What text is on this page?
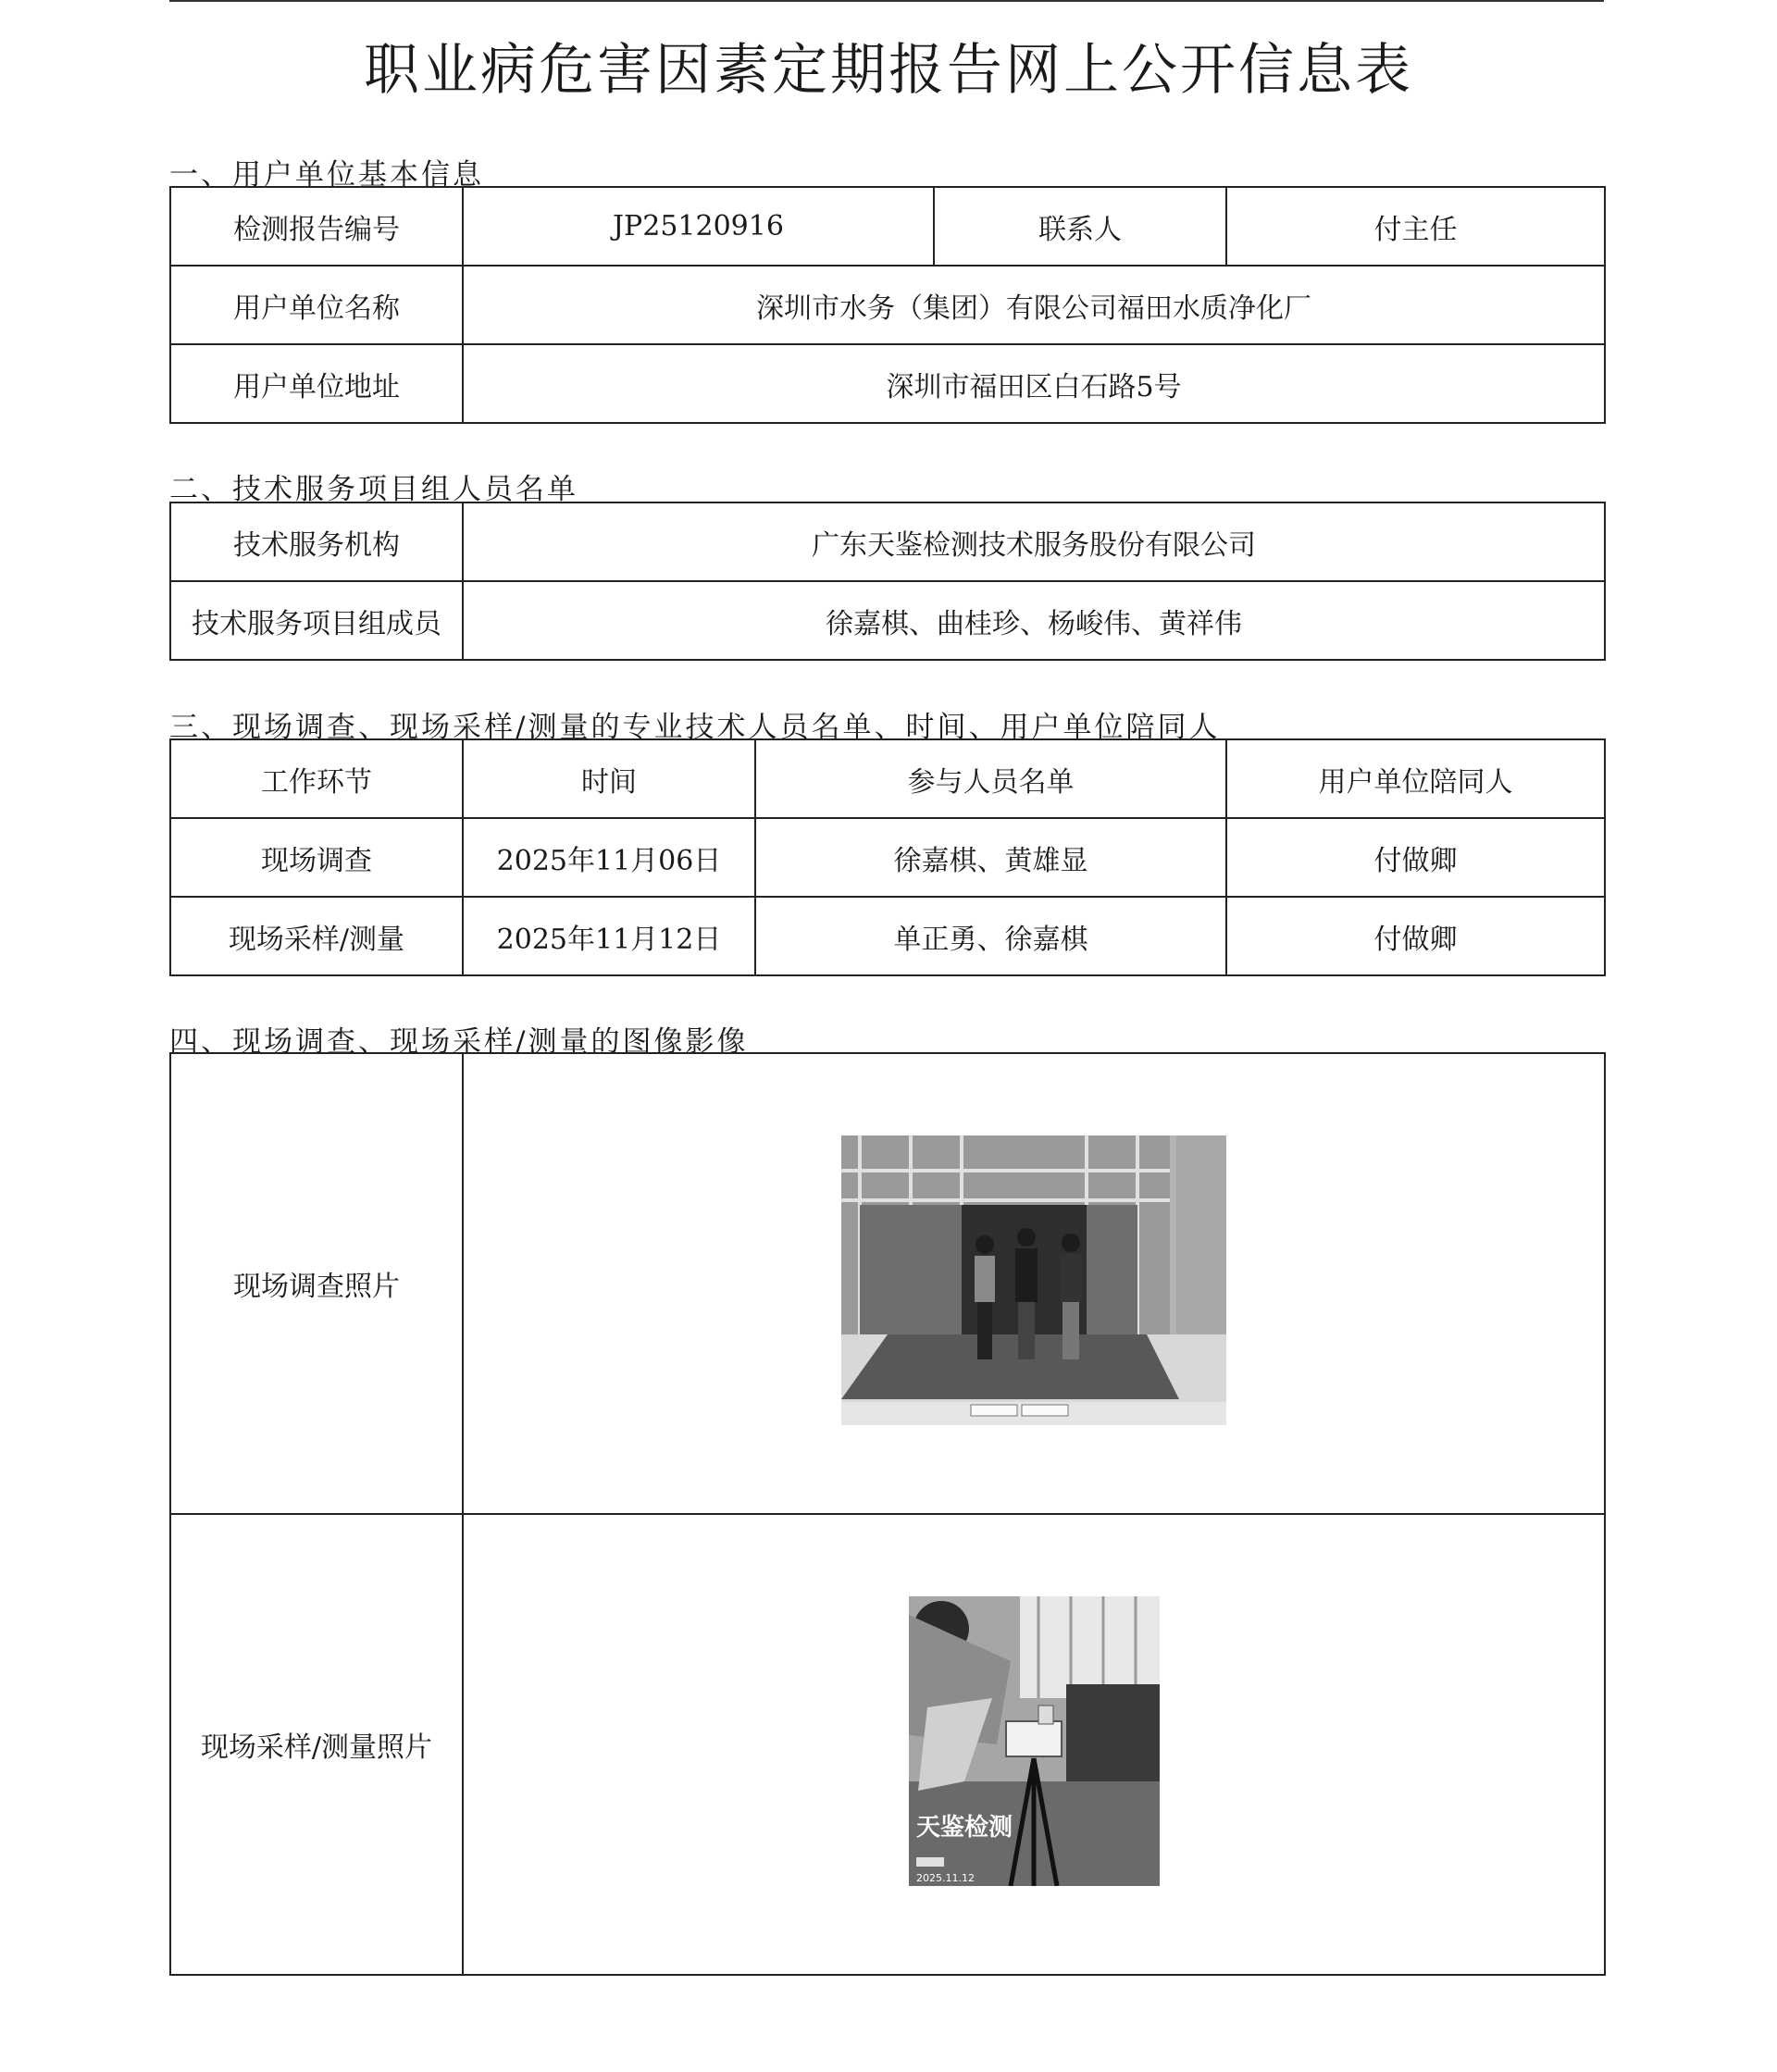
职业病危害因素定期报告网上公开信息表
一、用户单位基本信息
检测报告编号	JP25120916	联系人	付主任
用户单位名称	深圳市水务（集团）有限公司福田水质净化厂		
用户单位地址	深圳市福田区白石路5号		
二、技术服务项目组人员名单
技术服务机构	广东天鉴检测技术服务股份有限公司
技术服务项目组成员	徐嘉棋、曲桂珍、杨峻伟、黄祥伟
三、现场调查、现场采样/测量的专业技术人员名单、时间、用户单位陪同人
工作环节	时间	参与人员名单	用户单位陪同人
现场调查	2025年11月06日	徐嘉棋、黄雄显	付做卿
现场采样/测量	2025年11月12日	单正勇、徐嘉棋	付做卿
四、现场调查、现场采样/测量的图像影像
现场调查照片	

现场采样/测量照片	天鉴检测
2025.11.12
